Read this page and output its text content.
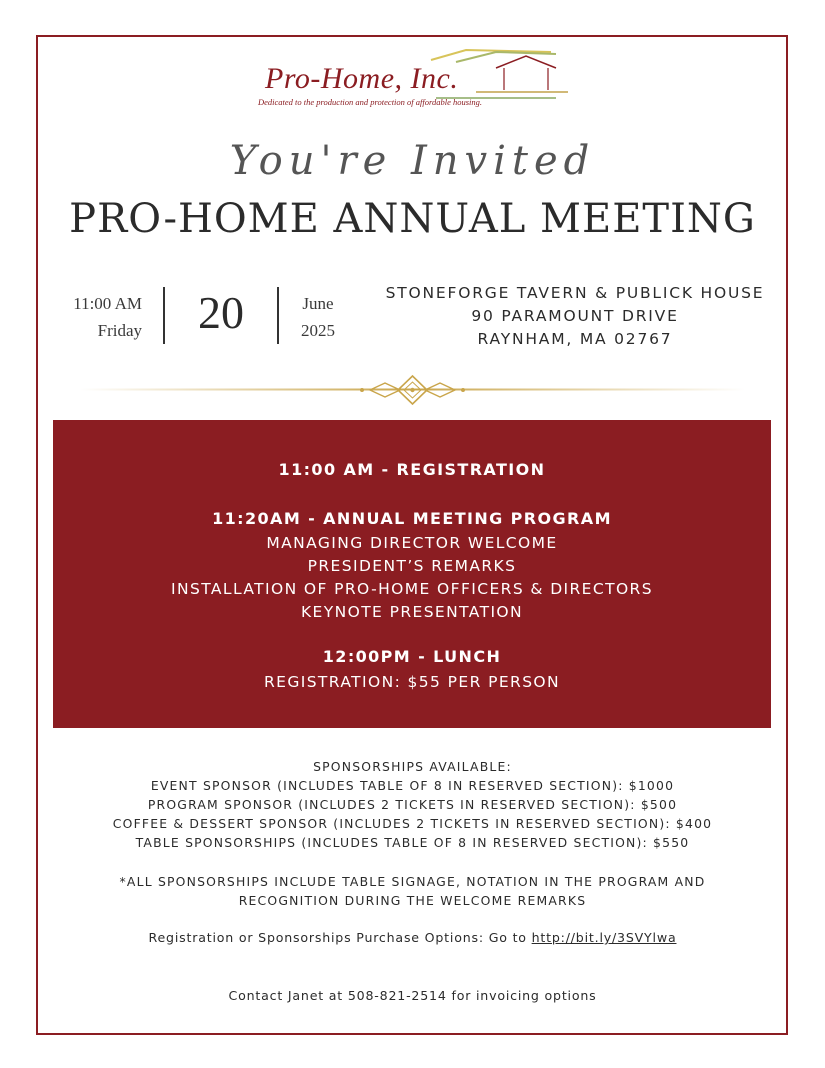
Pro-Home, Inc.
Dedicated to the production and protection of affordable housing.
You're Invited
PRO-HOME ANNUAL MEETING
11:00 AM
Friday	20	June
2025
STONEFORGE TAVERN & PUBLICK HOUSE
90 PARAMOUNT DRIVE
RAYNHAM, MA 02767
11:00 AM - REGISTRATION
11:20AM - ANNUAL MEETING PROGRAM
MANAGING DIRECTOR WELCOME
PRESIDENT’S REMARKS
INSTALLATION OF PRO-HOME OFFICERS & DIRECTORS
KEYNOTE PRESENTATION
12:00PM - LUNCH
REGISTRATION: $55 PER PERSON
SPONSORSHIPS AVAILABLE:
EVENT SPONSOR (INCLUDES TABLE OF 8 IN RESERVED SECTION): $1000
PROGRAM SPONSOR (INCLUDES 2 TICKETS IN RESERVED SECTION): $500
COFFEE & DESSERT SPONSOR (INCLUDES 2 TICKETS IN RESERVED SECTION): $400
TABLE SPONSORSHIPS (INCLUDES TABLE OF 8 IN RESERVED SECTION): $550
*ALL SPONSORSHIPS INCLUDE TABLE SIGNAGE, NOTATION IN THE PROGRAM AND
RECOGNITION DURING THE WELCOME REMARKS
Registration or Sponsorships Purchase Options: Go to http://bit.ly/3SVYlwa
Contact Janet at 508-821-2514 for invoicing options
